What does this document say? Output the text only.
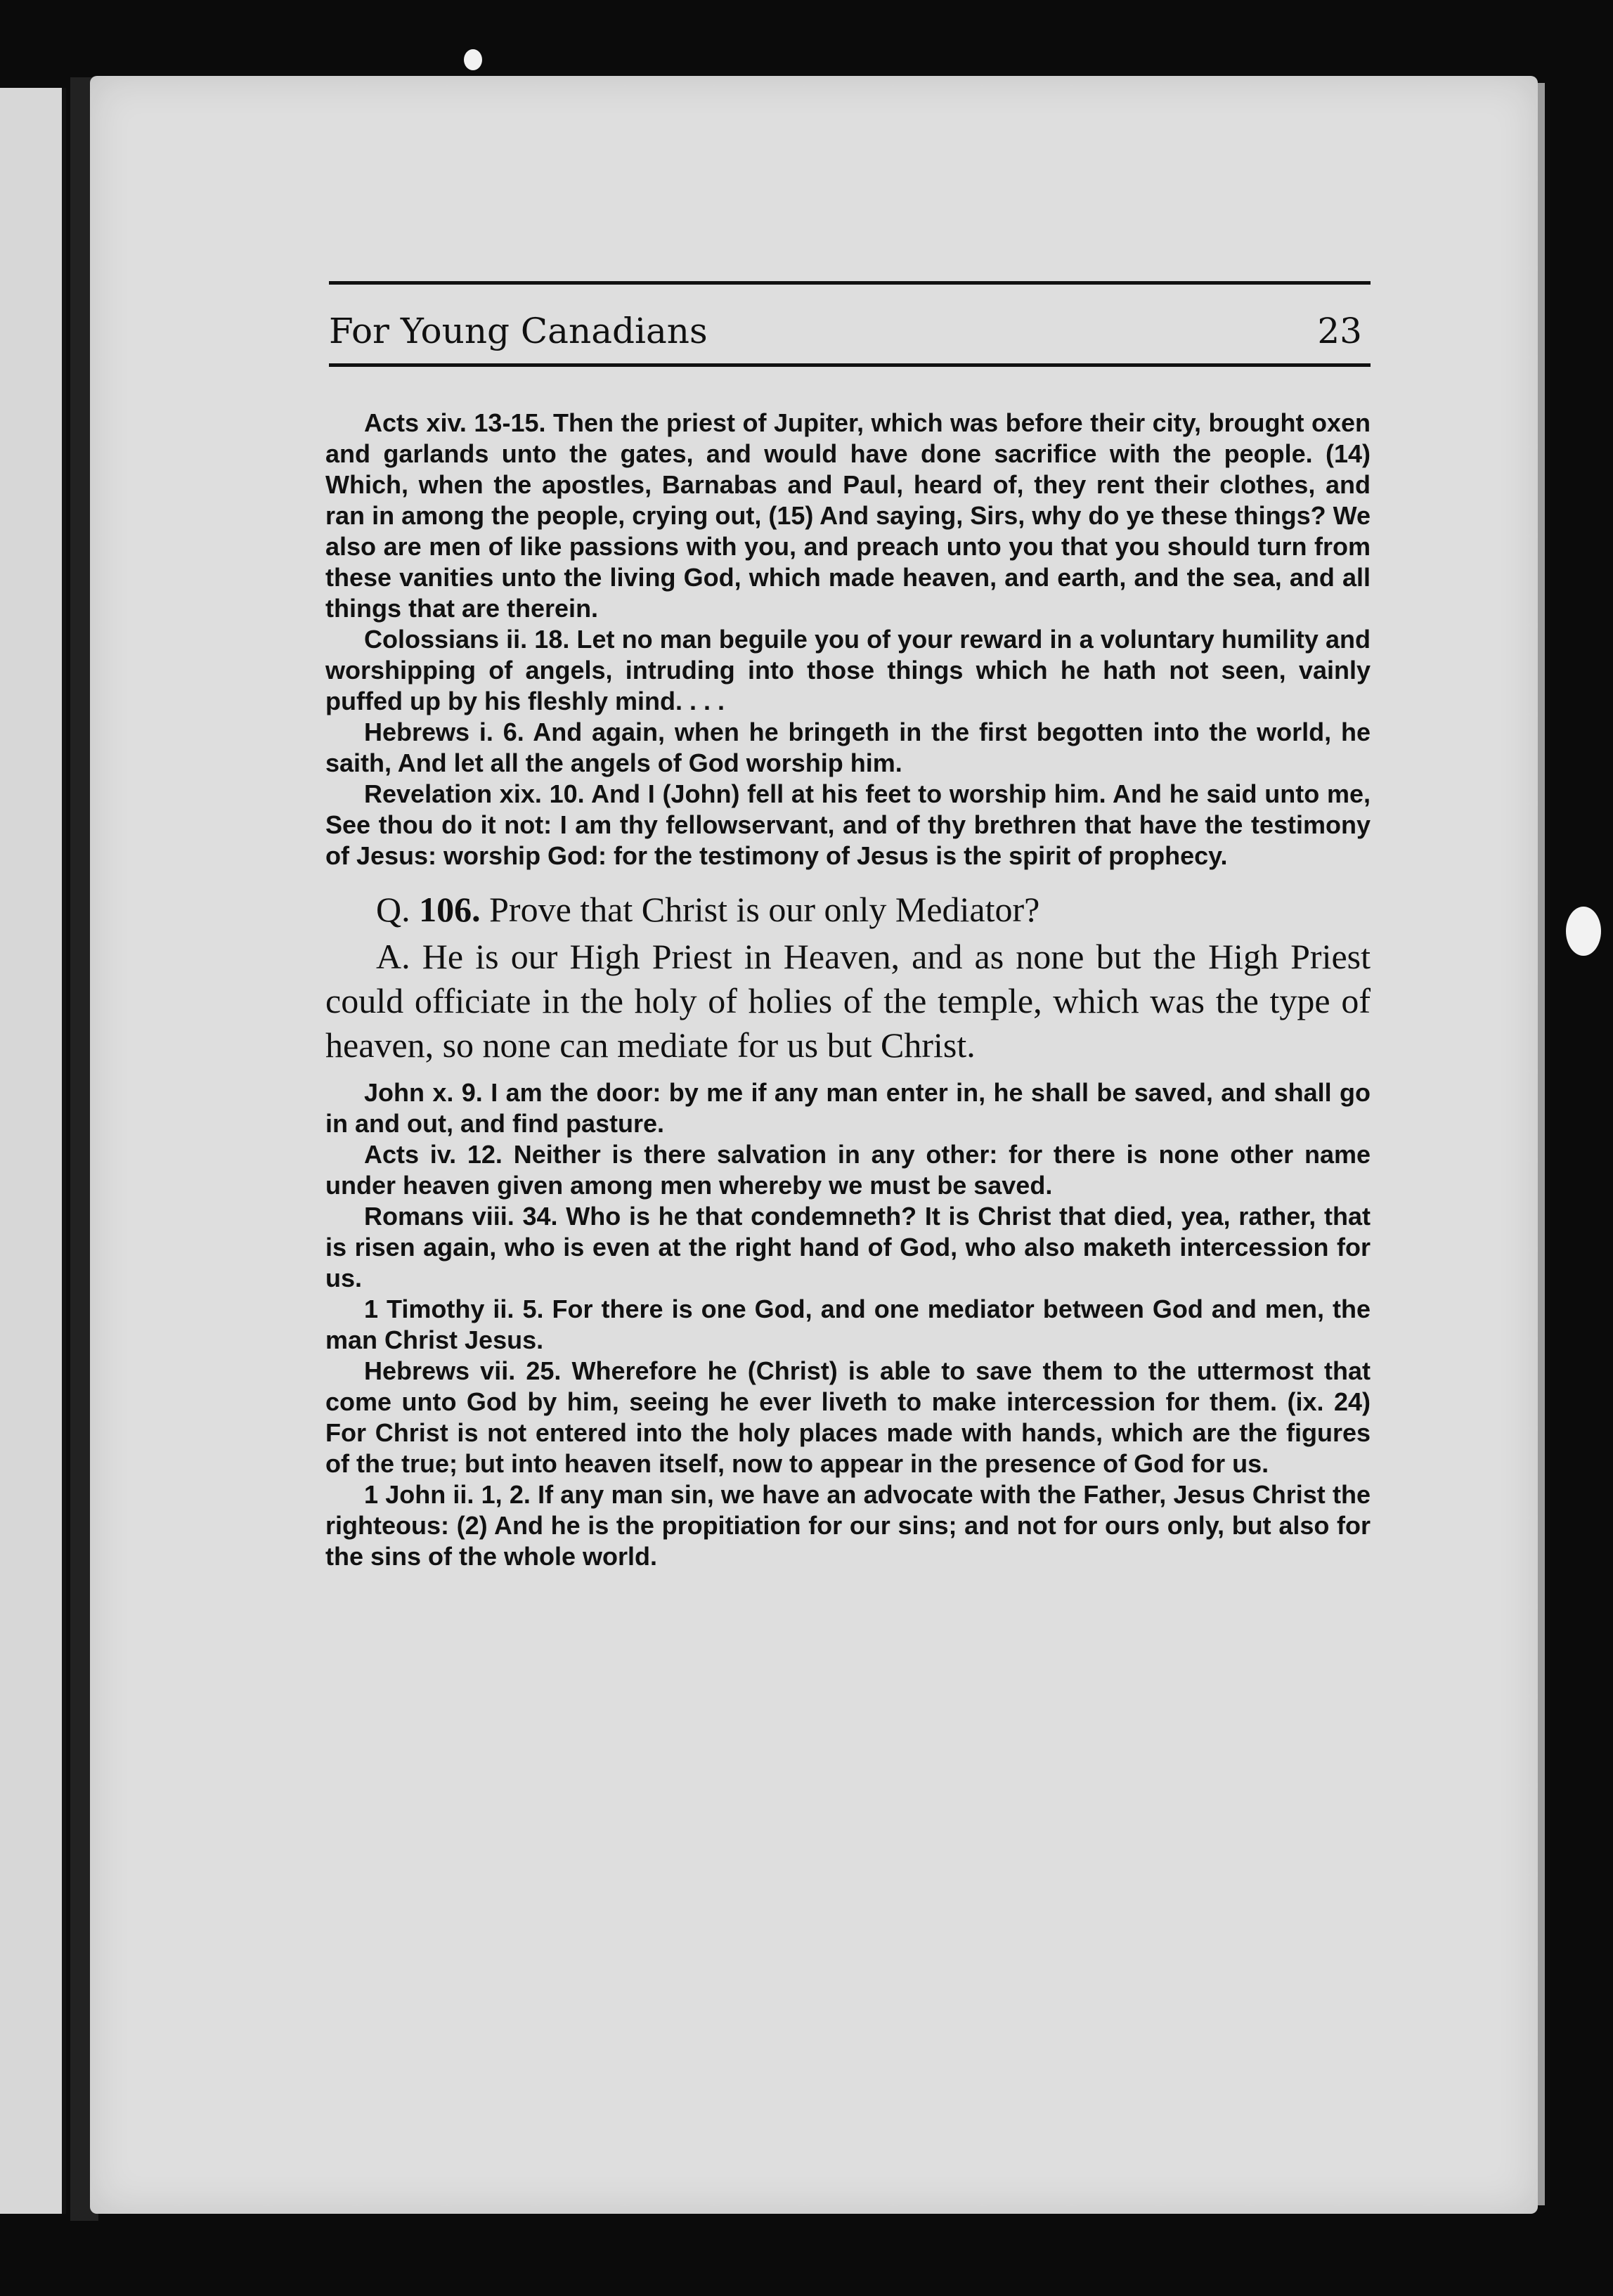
For Young Canadians	23

Acts xiv. 13-15. Then the priest of Jupiter, which was before their city, brought oxen and garlands unto the gates, and would have done sacrifice with the people. (14) Which, when the apostles, Barnabas and Paul, heard of, they rent their clothes, and ran in among the people, crying out, (15) And saying, Sirs, why do ye these things? We also are men of like passions with you, and preach unto you that you should turn from these vanities unto the living God, which made heaven, and earth, and the sea, and all things that are therein.

Colossians ii. 18. Let no man beguile you of your reward in a voluntary humility and worshipping of angels, intruding into those things which he hath not seen, vainly puffed up by his fleshly mind. . . .

Hebrews i. 6. And again, when he bringeth in the first begotten into the world, he saith, And let all the angels of God worship him.

Revelation xix. 10. And I (John) fell at his feet to worship him. And he said unto me, See thou do it not: I am thy fellowservant, and of thy brethren that have the testimony of Jesus: worship God: for the testimony of Jesus is the spirit of prophecy.

Q. 106. Prove that Christ is our only Mediator?

A. He is our High Priest in Heaven, and as none but the High Priest could officiate in the holy of holies of the temple, which was the type of heaven, so none can mediate for us but Christ.

John x. 9. I am the door: by me if any man enter in, he shall be saved, and shall go in and out, and find pasture.

Acts iv. 12. Neither is there salvation in any other: for there is none other name under heaven given among men whereby we must be saved.

Romans viii. 34. Who is he that condemneth? It is Christ that died, yea, rather, that is risen again, who is even at the right hand of God, who also maketh intercession for us.

1 Timothy ii. 5. For there is one God, and one mediator between God and men, the man Christ Jesus.

Hebrews vii. 25. Wherefore he (Christ) is able to save them to the uttermost that come unto God by him, seeing he ever liveth to make intercession for them. (ix. 24) For Christ is not entered into the holy places made with hands, which are the figures of the true; but into heaven itself, now to appear in the presence of God for us.

1 John ii. 1, 2. If any man sin, we have an advocate with the Father, Jesus Christ the righteous: (2) And he is the propitiation for our sins; and not for ours only, but also for the sins of the whole world.
